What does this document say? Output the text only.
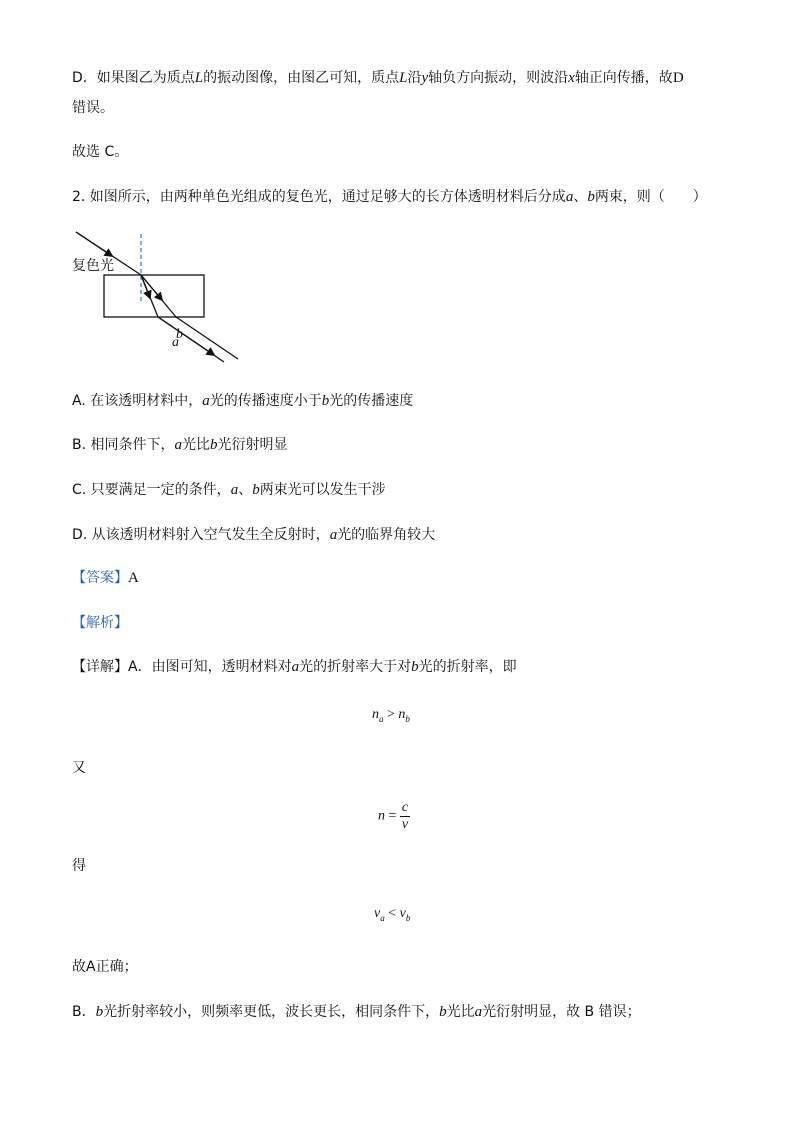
D．如果图乙为质点L的振动图像，由图乙可知，质点L沿y轴负方向振动，则波沿x轴正向传播，故D
错误。
故选 C。
2. 如图所示，由两种单色光组成的复色光，通过足够大的长方体透明材料后分成a、b两束，则（　　）
复色光
b
a
A. 在该透明材料中，a光的传播速度小于b光的传播速度
B. 相同条件下，a光比b光衍射明显
C. 只要满足一定的条件，a、b两束光可以发生干涉
D. 从该透明材料射入空气发生全反射时，a光的临界角较大
【答案】A
【解析】
【详解】A．由图可知，透明材料对a光的折射率大于对b光的折射率，即
$n_a > n_b$
又
$n = \frac{c}{v}$
得
$v_a < v_b$
故A正确；
B．b光折射率较小，则频率更低，波长更长，相同条件下，b光比a光衍射明显，故 B 错误；
